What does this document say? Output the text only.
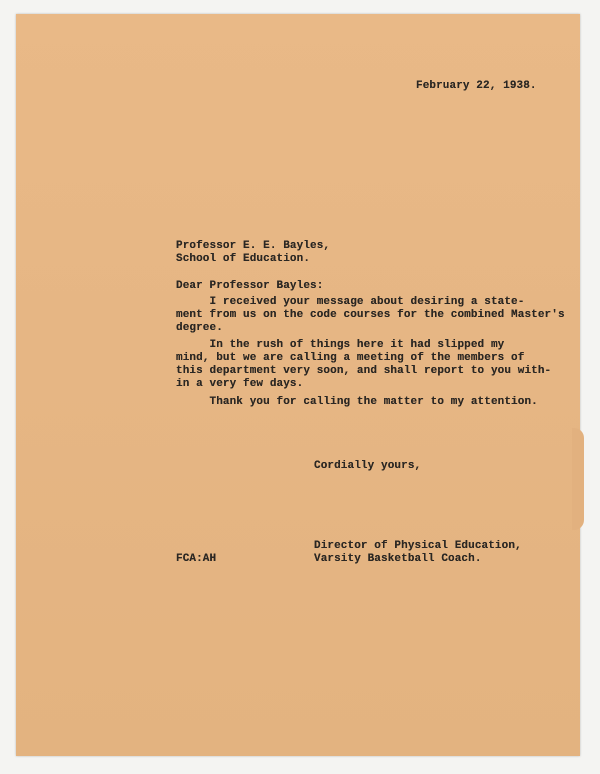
February 22, 1938.
Professor E. E. Bayles,
School of Education.
Dear Professor Bayles:
I received your message about desiring a state-
ment from us on the code courses for the combined Master's
degree.
In the rush of things here it had slipped my
mind, but we are calling a meeting of the members of
this department very soon, and shall report to you with-
in a very few days.
Thank you for calling the matter to my attention.
Cordially yours,
Director of Physical Education,
Varsity Basketball Coach.
FCA:AH
